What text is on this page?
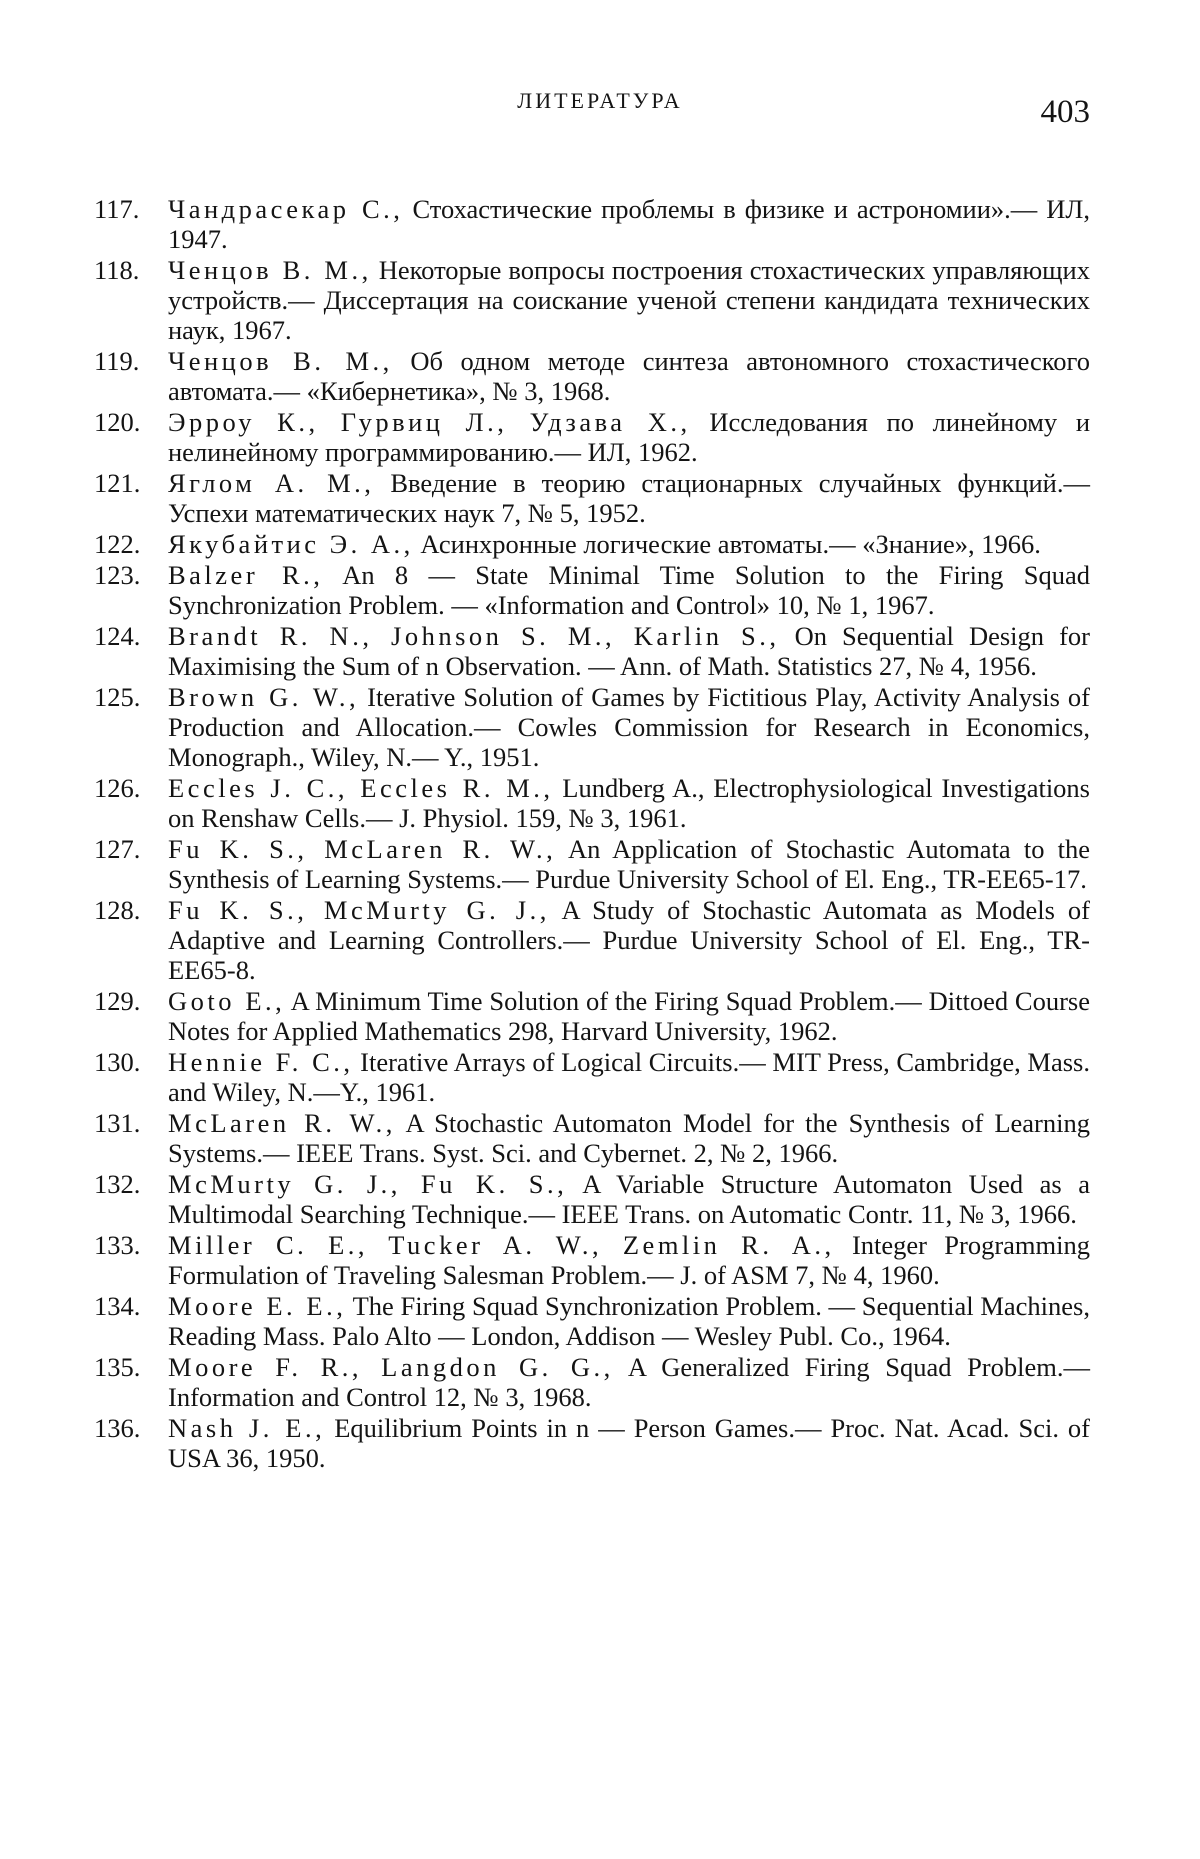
ЛИТЕРАТУРА	403
117.	Чандрасекар С., Стохастические проблемы в физике и астрономии».— ИЛ, 1947.
118.	Ченцов В. М., Некоторые вопросы построения стохастических управляющих устройств.— Диссертация на соискание ученой степени кандидата технических наук, 1967.
119.	Ченцов В. М., Об одном методе синтеза автономного стохастического автомата.— «Кибернетика», № 3, 1968.
120.	Эрроу К., Гурвиц Л., Удзава Х., Исследования по линейному и нелинейному программированию.— ИЛ, 1962.
121.	Яглом А. М., Введение в теорию стационарных случайных функций.— Успехи математических наук 7, № 5, 1952.
122.	Якубайтис Э. А., Асинхронные логические автоматы.— «Знание», 1966.
123.	Balzer R., An 8 — State Minimal Time Solution to the Firing Squad Synchronization Problem. — «Information and Control» 10, № 1, 1967.
124.	Brandt R. N., Johnson S. M., Karlin S., On Sequential Design for Maximising the Sum of n Observation. — Ann. of Math. Statistics 27, № 4, 1956.
125.	Brown G. W., Iterative Solution of Games by Fictitious Play, Activity Analysis of Production and Allocation.— Cowles Commission for Research in Economics, Monograph., Wiley, N.— Y., 1951.
126.	Eccles J. C., Eccles R. M., Lundberg A., Electrophysiological Investigations on Renshaw Cells.— J. Physiol. 159, № 3, 1961.
127.	Fu K. S., McLaren R. W., An Application of Stochastic Automata to the Synthesis of Learning Systems.— Purdue University School of El. Eng., TR-EE65-17.
128.	Fu K. S., McMurty G. J., A Study of Stochastic Automata as Models of Adaptive and Learning Controllers.— Purdue University School of El. Eng., TR-EE65-8.
129.	Goto E., A Minimum Time Solution of the Firing Squad Problem.— Dittoed Course Notes for Applied Mathematics 298, Harvard University, 1962.
130.	Hennie F. C., Iterative Arrays of Logical Circuits.— MIT Press, Cambridge, Mass. and Wiley, N.—Y., 1961.
131.	McLaren R. W., A Stochastic Automaton Model for the Synthesis of Learning Systems.— IEEE Trans. Syst. Sci. and Cybernet. 2, № 2, 1966.
132.	McMurty G. J., Fu K. S., A Variable Structure Automaton Used as a Multimodal Searching Technique.— IEEE Trans. on Automatic Contr. 11, № 3, 1966.
133.	Miller C. E., Tucker A. W., Zemlin R. A., Integer Programming Formulation of Traveling Salesman Problem.— J. of ASM 7, № 4, 1960.
134.	Moore E. E., The Firing Squad Synchronization Problem. — Sequential Machines, Reading Mass. Palo Alto — London, Addison — Wesley Publ. Co., 1964.
135.	Moore F. R., Langdon G. G., A Generalized Firing Squad Problem.— Information and Control 12, № 3, 1968.
136.	Nash J. E., Equilibrium Points in n — Person Games.— Proc. Nat. Acad. Sci. of USA 36, 1950.
